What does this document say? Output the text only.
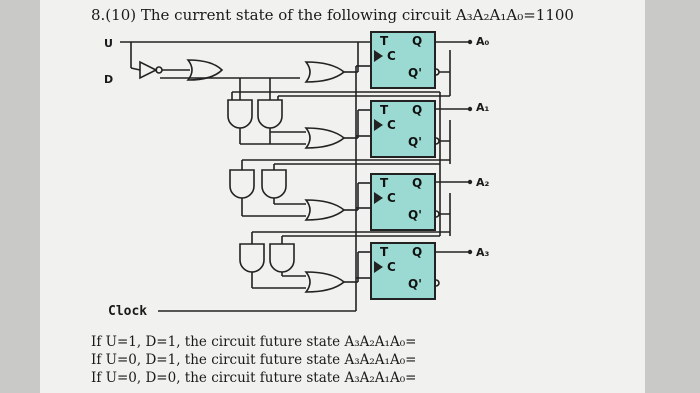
8.(10) The current state of the following circuit A₃A₂A₁A₀=1100
T Q
C
Q'
T Q
C
Q'
T Q
C
Q'
T Q
C
Q'
U
D
A₀
A₁
A₂
A₃
Clock
If U=1, D=1, the circuit future state A₃A₂A₁A₀=
If U=0, D=1, the circuit future state A₃A₂A₁A₀=
If U=0, D=0, the circuit future state A₃A₂A₁A₀=
